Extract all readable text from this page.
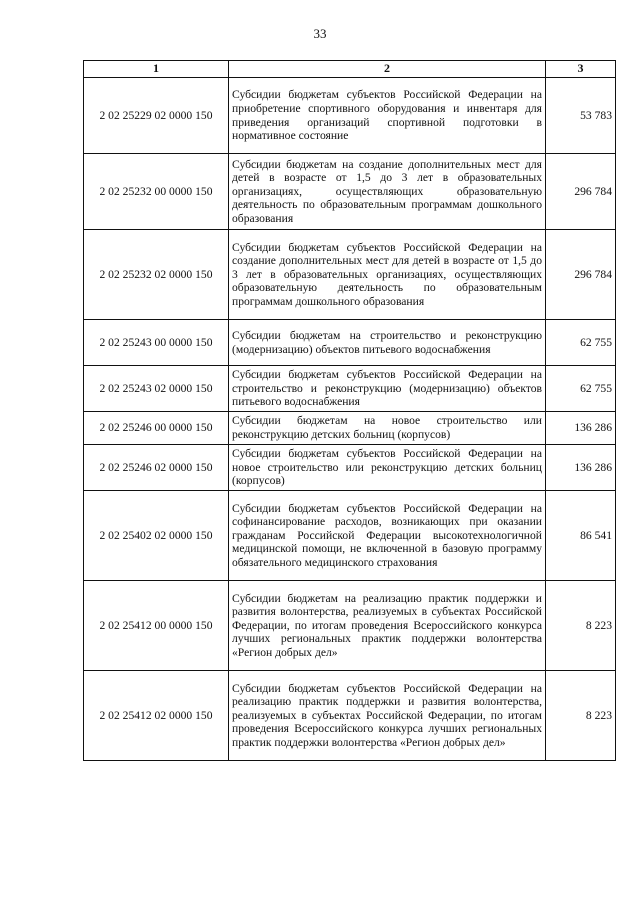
33
1	2	3
2 02 25229 02 0000 150	Субсидии бюджетам субъектов Российской Федерации на приобретение спортивного оборудования и инвентаря для приведения организаций спортивной подготовки в нормативное состояние	53 783
2 02 25232 00 0000 150	Субсидии бюджетам на создание дополнительных мест для детей в возрасте от 1,5 до 3 лет в образовательных организациях, осуществляющих образовательную деятельность по образовательным программам дошкольного образования	296 784
2 02 25232 02 0000 150	Субсидии бюджетам субъектов Российской Федерации на создание дополнительных мест для детей в возрасте от 1,5 до 3 лет в образовательных организациях, осуществляющих образовательную деятельность по образовательным программам дошкольного образования	296 784
2 02 25243 00 0000 150	Субсидии бюджетам на строительство и реконструкцию (модернизацию) объектов питьевого водоснабжения	62 755
2 02 25243 02 0000 150	Субсидии бюджетам субъектов Российской Федерации на строительство и реконструкцию (модернизацию) объектов питьевого водоснабжения	62 755
2 02 25246 00 0000 150	Субсидии бюджетам на новое строительство или реконструкцию детских больниц (корпусов)	136 286
2 02 25246 02 0000 150	Субсидии бюджетам субъектов Российской Федерации на новое строительство или реконструкцию детских больниц (корпусов)	136 286
2 02 25402 02 0000 150	Субсидии бюджетам субъектов Российской Федерации на софинансирование расходов, возникающих при оказании гражданам Российской Федерации высокотехнологичной медицинской помощи, не включенной в базовую программу обязательного медицинского страхования	86 541
2 02 25412 00 0000 150	Субсидии бюджетам на реализацию практик поддержки и развития волонтерства, реализуемых в субъектах Российской Федерации, по итогам проведения Всероссийского конкурса лучших региональных практик поддержки волонтерства «Регион добрых дел»	8 223
2 02 25412 02 0000 150	Субсидии бюджетам субъектов Российской Федерации на реализацию практик поддержки и развития волонтерства, реализуемых в субъектах Российской Федерации, по итогам проведения Всероссийского конкурса лучших региональных практик поддержки волонтерства «Регион добрых дел»	8 223
